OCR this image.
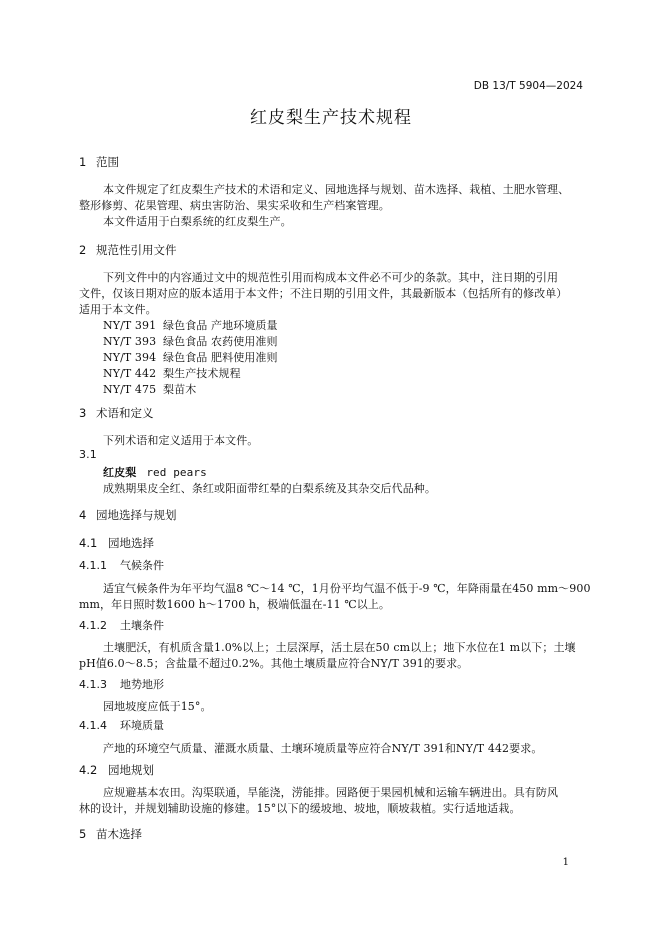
DB 13/T 5904—2024
红皮梨生产技术规程
1 范围
本文件规定了红皮梨生产技术的术语和定义、园地选择与规划、苗木选择、栽植、土肥水管理、
整形修剪、花果管理、病虫害防治、果实采收和生产档案管理。
本文件适用于白梨系统的红皮梨生产。
2 规范性引用文件
下列文件中的内容通过文中的规范性引用而构成本文件必不可少的条款。其中，注日期的引用
文件，仅该日期对应的版本适用于本文件；不注日期的引用文件，其最新版本（包括所有的修改单）
适用于本文件。
NY/T 391 绿色食品 产地环境质量
NY/T 393 绿色食品 农药使用准则
NY/T 394 绿色食品 肥料使用准则
NY/T 442 梨生产技术规程
NY/T 475 梨苗木
3 术语和定义
下列术语和定义适用于本文件。
3.1
红皮梨 red pears
成熟期果皮全红、条红或阳面带红晕的白梨系统及其杂交后代品种。
4 园地选择与规划
4.1 园地选择
4.1.1 气候条件
适宜气候条件为年平均气温8 ℃～14 ℃，1月份平均气温不低于-9 ℃，年降雨量在450 mm～900
mm，年日照时数1600 h～1700 h，极端低温在-11 ℃以上。
4.1.2 土壤条件
土壤肥沃，有机质含量1.0%以上；土层深厚，活土层在50 cm以上；地下水位在1 m以下；土壤
pH值6.0～8.5；含盐量不超过0.2%。其他土壤质量应符合NY/T 391的要求。
4.1.3 地势地形
园地坡度应低于15°。
4.1.4 环境质量
产地的环境空气质量、灌溉水质量、土壤环境质量等应符合NY/T 391和NY/T 442要求。
4.2 园地规划
应规避基本农田。沟渠联通，旱能浇，涝能排。园路便于果园机械和运输车辆进出。具有防风
林的设计，并规划辅助设施的修建。15°以下的缓坡地、坡地，顺坡栽植。实行适地适栽。
5 苗木选择
1
